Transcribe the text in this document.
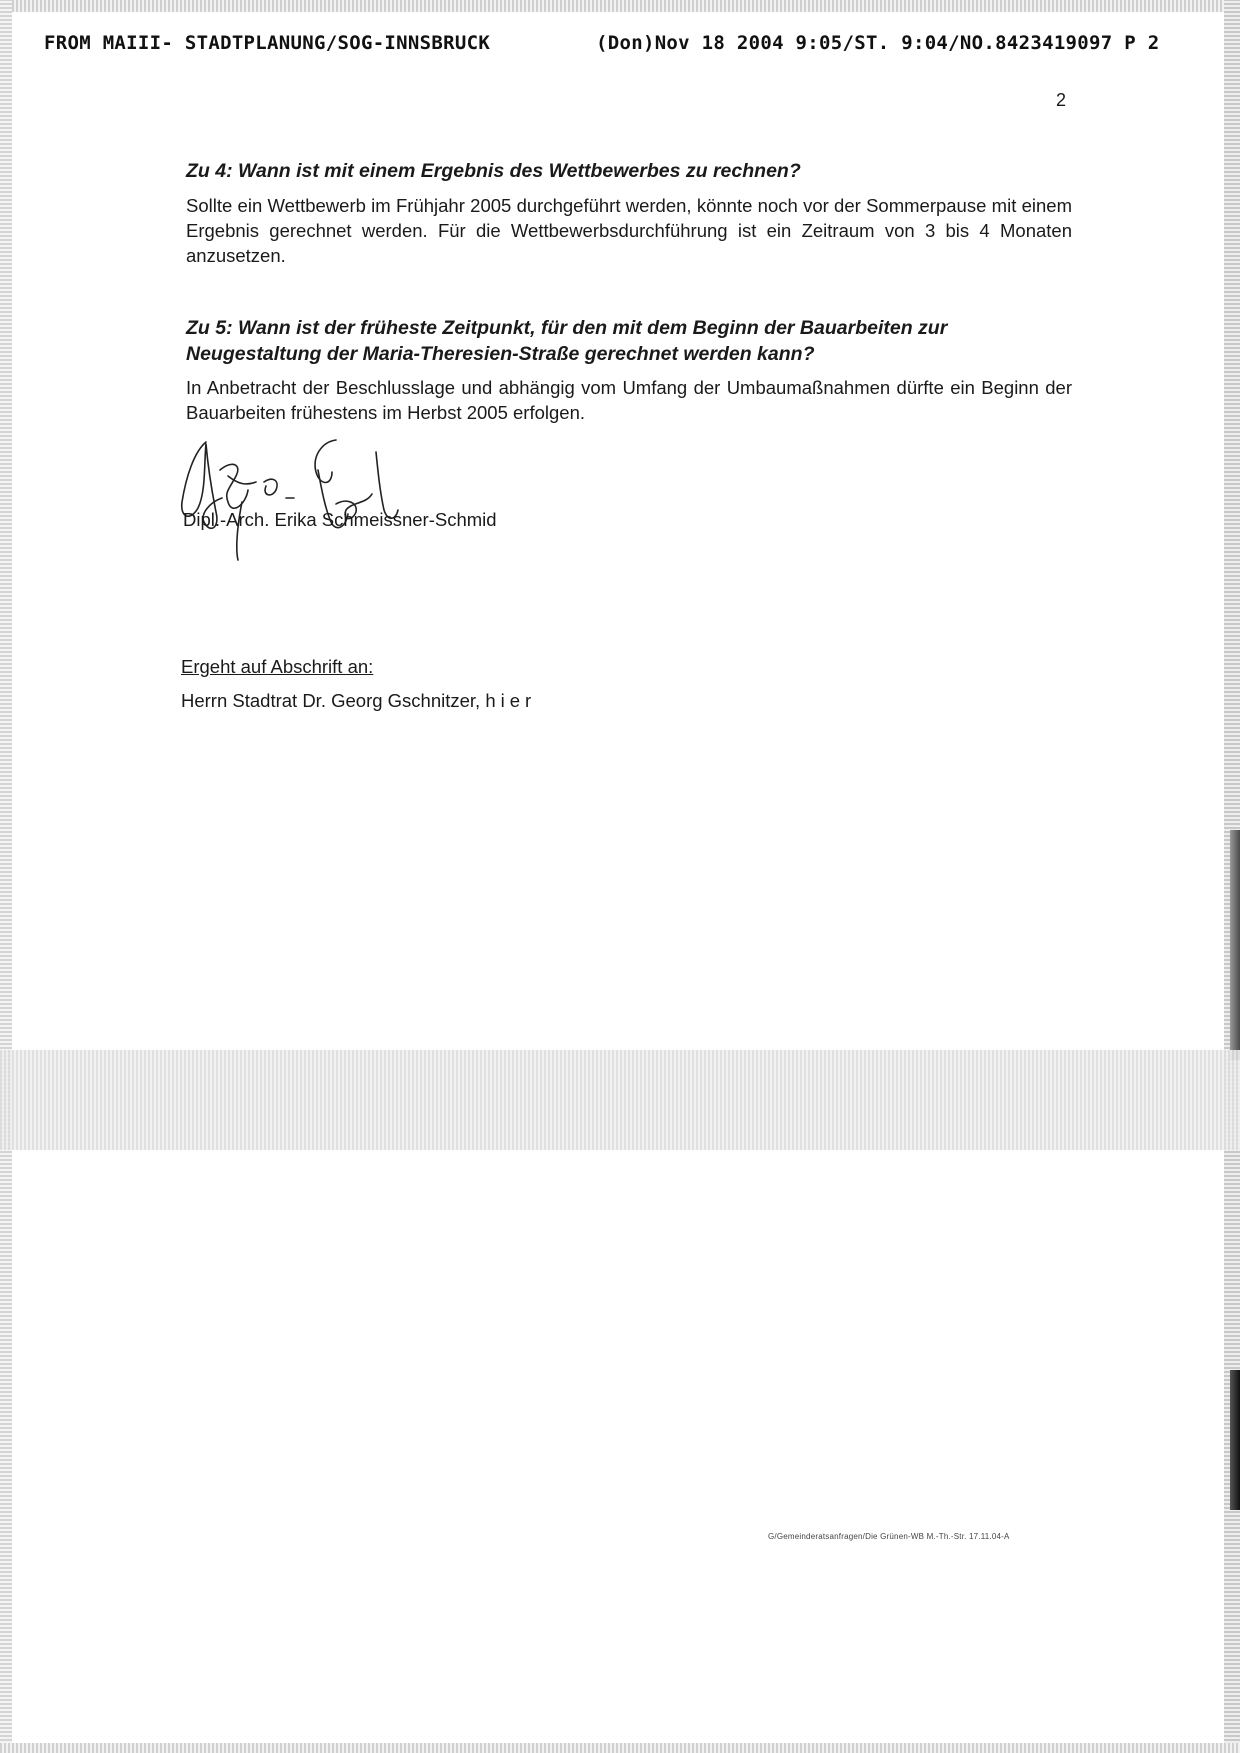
FROM MAIII- STADTPLANUNG/SOG-INNSBRUCK	(Don)Nov 18 2004 9:05/ST. 9:04/NO.8423419097 P 2
2

Zu 4: Wann ist mit einem Ergebnis des Wettbewerbes zu rechnen?

Sollte ein Wettbewerb im Frühjahr 2005 durchgeführt werden, könnte noch vor der Sommerpause mit einem Ergebnis gerechnet werden. Für die Wettbewerbsdurchführung ist ein Zeitraum von 3 bis 4 Monaten anzusetzen.

Zu 5: Wann ist der früheste Zeitpunkt, für den mit dem Beginn der Bauarbeiten zur Neugestaltung der Maria-Theresien-Straße gerechnet werden kann?

In Anbetracht der Beschlusslage und abhängig vom Umfang der Umbaumaßnahmen dürfte ein Beginn der Bauarbeiten frühestens im Herbst 2005 erfolgen.

Dipl.-Arch. Erika Schmeissner-Schmid
Ergeht auf Abschrift an:
Herrn Stadtrat Dr. Georg Gschnitzer, hier
G/Gemeinderatsanfragen/Die Grünen-WB M.-Th.-Str. 17.11.04-A
